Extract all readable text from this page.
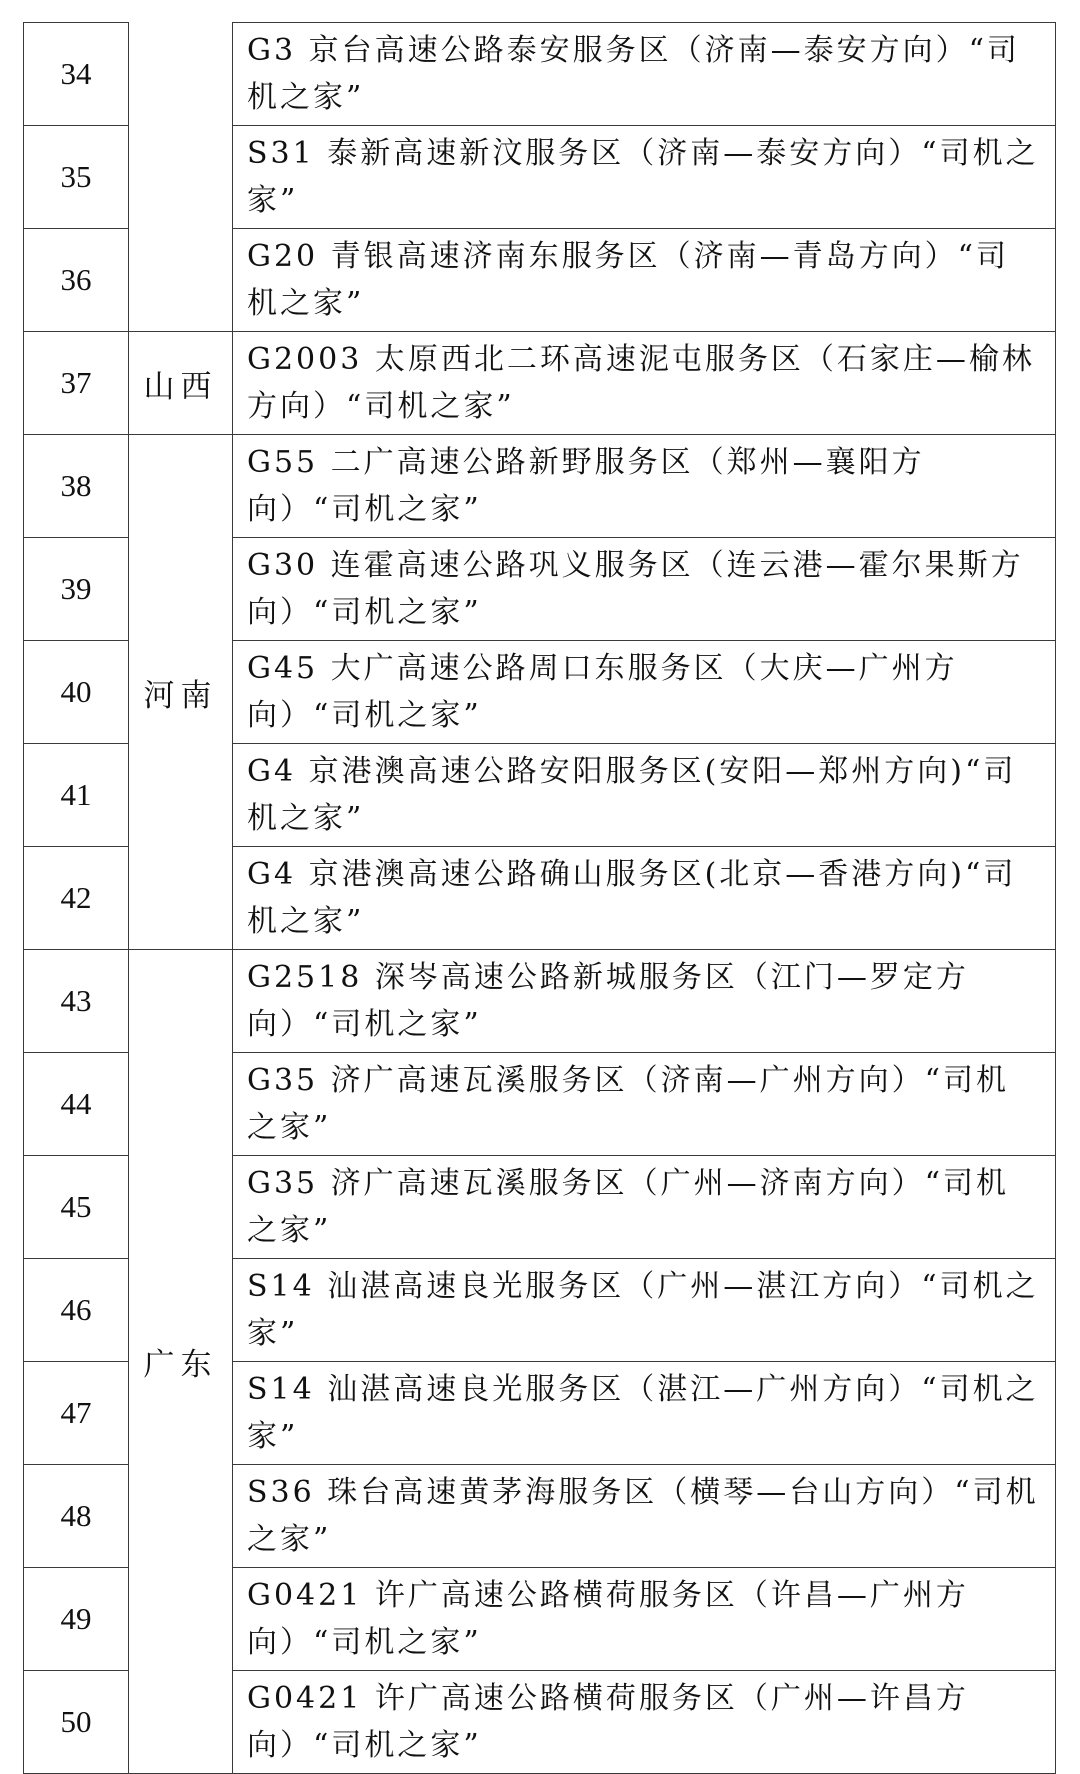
34		G3 京台高速公路泰安服务区（济南—泰安方向）“司机之家”
35		S31 泰新高速新汶服务区（济南—泰安方向）“司机之家”
36		G20 青银高速济南东服务区（济南—青岛方向）“司机之家”
37	山西	G2003 太原西北二环高速泥屯服务区（石家庄—榆林方向）“司机之家”
38	河南	G55 二广高速公路新野服务区（郑州—襄阳方向）“司机之家”
39		G30 连霍高速公路巩义服务区（连云港—霍尔果斯方向）“司机之家”
40		G45 大广高速公路周口东服务区（大庆—广州方向）“司机之家”
41		G4 京港澳高速公路安阳服务区(安阳—郑州方向)“司机之家”
42		G4 京港澳高速公路确山服务区(北京—香港方向)“司机之家”
43	广东	G2518 深岑高速公路新城服务区（江门—罗定方向）“司机之家”
44		G35 济广高速瓦溪服务区（济南—广州方向）“司机之家”
45		G35 济广高速瓦溪服务区（广州—济南方向）“司机之家”
46		S14 汕湛高速良光服务区（广州—湛江方向）“司机之家”
47		S14 汕湛高速良光服务区（湛江—广州方向）“司机之家”
48		S36 珠台高速黄茅海服务区（横琴—台山方向）“司机之家”
49		G0421 许广高速公路横荷服务区（许昌—广州方向）“司机之家”
50		G0421 许广高速公路横荷服务区（广州—许昌方向）“司机之家”
